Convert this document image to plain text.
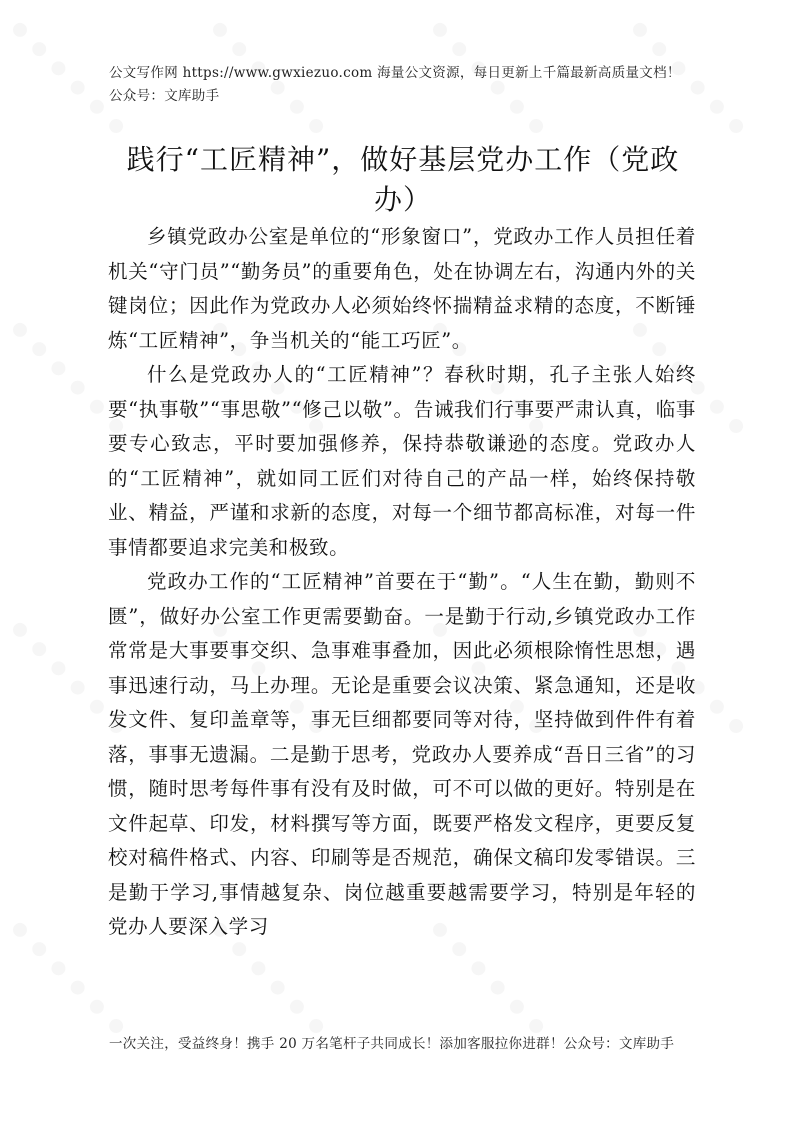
公文写作网 https://www.gwxiezuo.com 海量公文资源，每日更新上千篇最新高质量文档！ 公众号：文库助手
践行“工匠精神”，做好基层党办工作（党政办）

乡镇党政办公室是单位的“形象窗口”，党政办工作人员担任着机关“守门员”“勤务员”的重要角色，处在协调左右，沟通内外的关键岗位；因此作为党政办人必须始终怀揣精益求精的态度，不断锤炼“工匠精神”，争当机关的“能工巧匠”。

什么是党政办人的“工匠精神”？春秋时期，孔子主张人始终要“执事敬”“事思敬”“修己以敬”。告诫我们行事要严肃认真，临事要专心致志，平时要加强修养，保持恭敬谦逊的态度。党政办人的“工匠精神”，就如同工匠们对待自己的产品一样，始终保持敬业、精益，严谨和求新的态度，对每一个细节都高标准，对每一件事情都要追求完美和极致。

党政办工作的“工匠精神”首要在于“勤”。“人生在勤，勤则不匮”，做好办公室工作更需要勤奋。一是勤于行动,乡镇党政办工作常常是大事要事交织、急事难事叠加，因此必须根除惰性思想，遇事迅速行动，马上办理。无论是重要会议决策、紧急通知，还是收发文件、复印盖章等，事无巨细都要同等对待，坚持做到件件有着落，事事无遗漏。二是勤于思考，党政办人要养成“吾日三省”的习惯，随时思考每件事有没有及时做，可不可以做的更好。特别是在文件起草、印发，材料撰写等方面，既要严格发文程序，更要反复校对稿件格式、内容、印刷等是否规范，确保文稿印发零错误。三是勤于学习,事情越复杂、岗位越重要越需要学习，特别是年轻的党办人要深入学习

一次关注，受益终身！携手 20 万名笔杆子共同成长！添加客服拉你进群！公众号：文库助手
